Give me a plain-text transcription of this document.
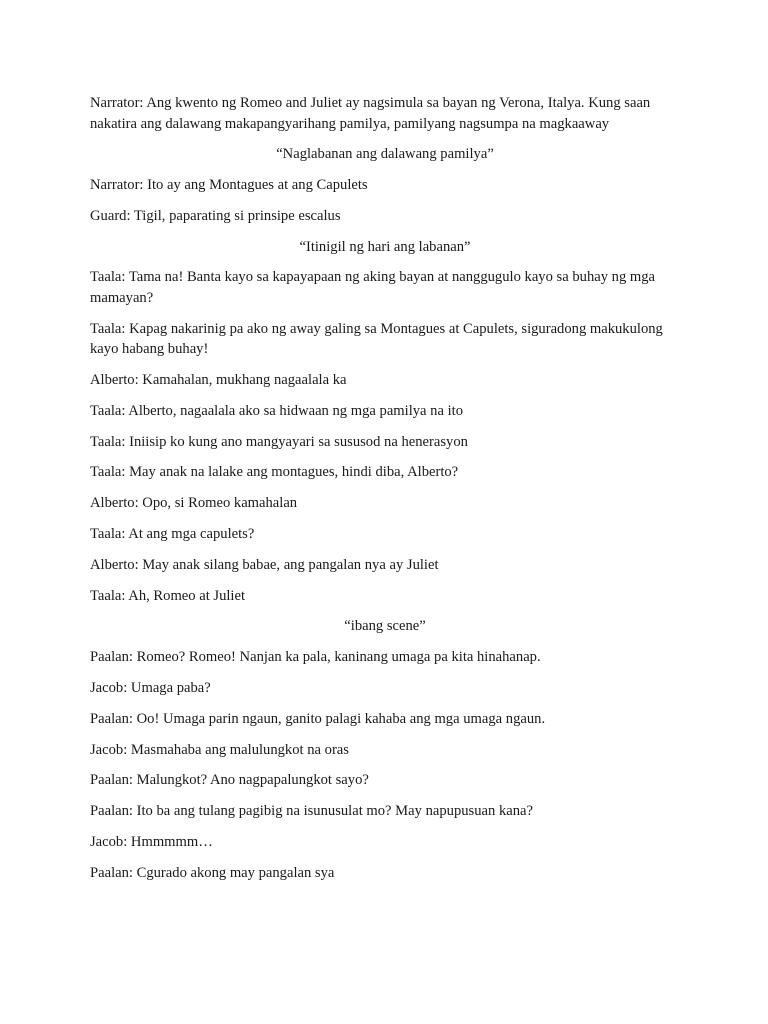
Narrator: Ang kwento ng Romeo and Juliet ay nagsimula sa bayan ng Verona, Italya. Kung saan nakatira ang dalawang makapangyarihang pamilya, pamilyang nagsumpa na magkaaway

“Naglabanan ang dalawang pamilya”

Narrator: Ito ay ang Montagues at ang Capulets

Guard: Tigil, paparating si prinsipe escalus

“Itinigil ng hari ang labanan”

Taala: Tama na! Banta kayo sa kapayapaan ng aking bayan at nanggugulo kayo sa buhay ng mga mamayan?

Taala: Kapag nakarinig pa ako ng away galing sa Montagues at Capulets, siguradong makukulong kayo habang buhay!

Alberto: Kamahalan, mukhang nagaalala ka

Taala: Alberto, nagaalala ako sa hidwaan ng mga pamilya na ito

Taala: Iniisip ko kung ano mangyayari sa sususod na henerasyon

Taala: May anak na lalake ang montagues, hindi diba, Alberto?

Alberto: Opo, si Romeo kamahalan

Taala: At ang mga capulets?

Alberto: May anak silang babae, ang pangalan nya ay Juliet

Taala: Ah, Romeo at Juliet

“ibang scene”

Paalan: Romeo? Romeo! Nanjan ka pala, kaninang umaga pa kita hinahanap.

Jacob: Umaga paba?

Paalan: Oo! Umaga parin ngaun, ganito palagi kahaba ang mga umaga ngaun.

Jacob: Masmahaba ang malulungkot na oras

Paalan: Malungkot? Ano nagpapalungkot sayo?

Paalan: Ito ba ang tulang pagibig na isunusulat mo? May napupusuan kana?

Jacob: Hmmmmm…

Paalan: Cgurado akong may pangalan sya
